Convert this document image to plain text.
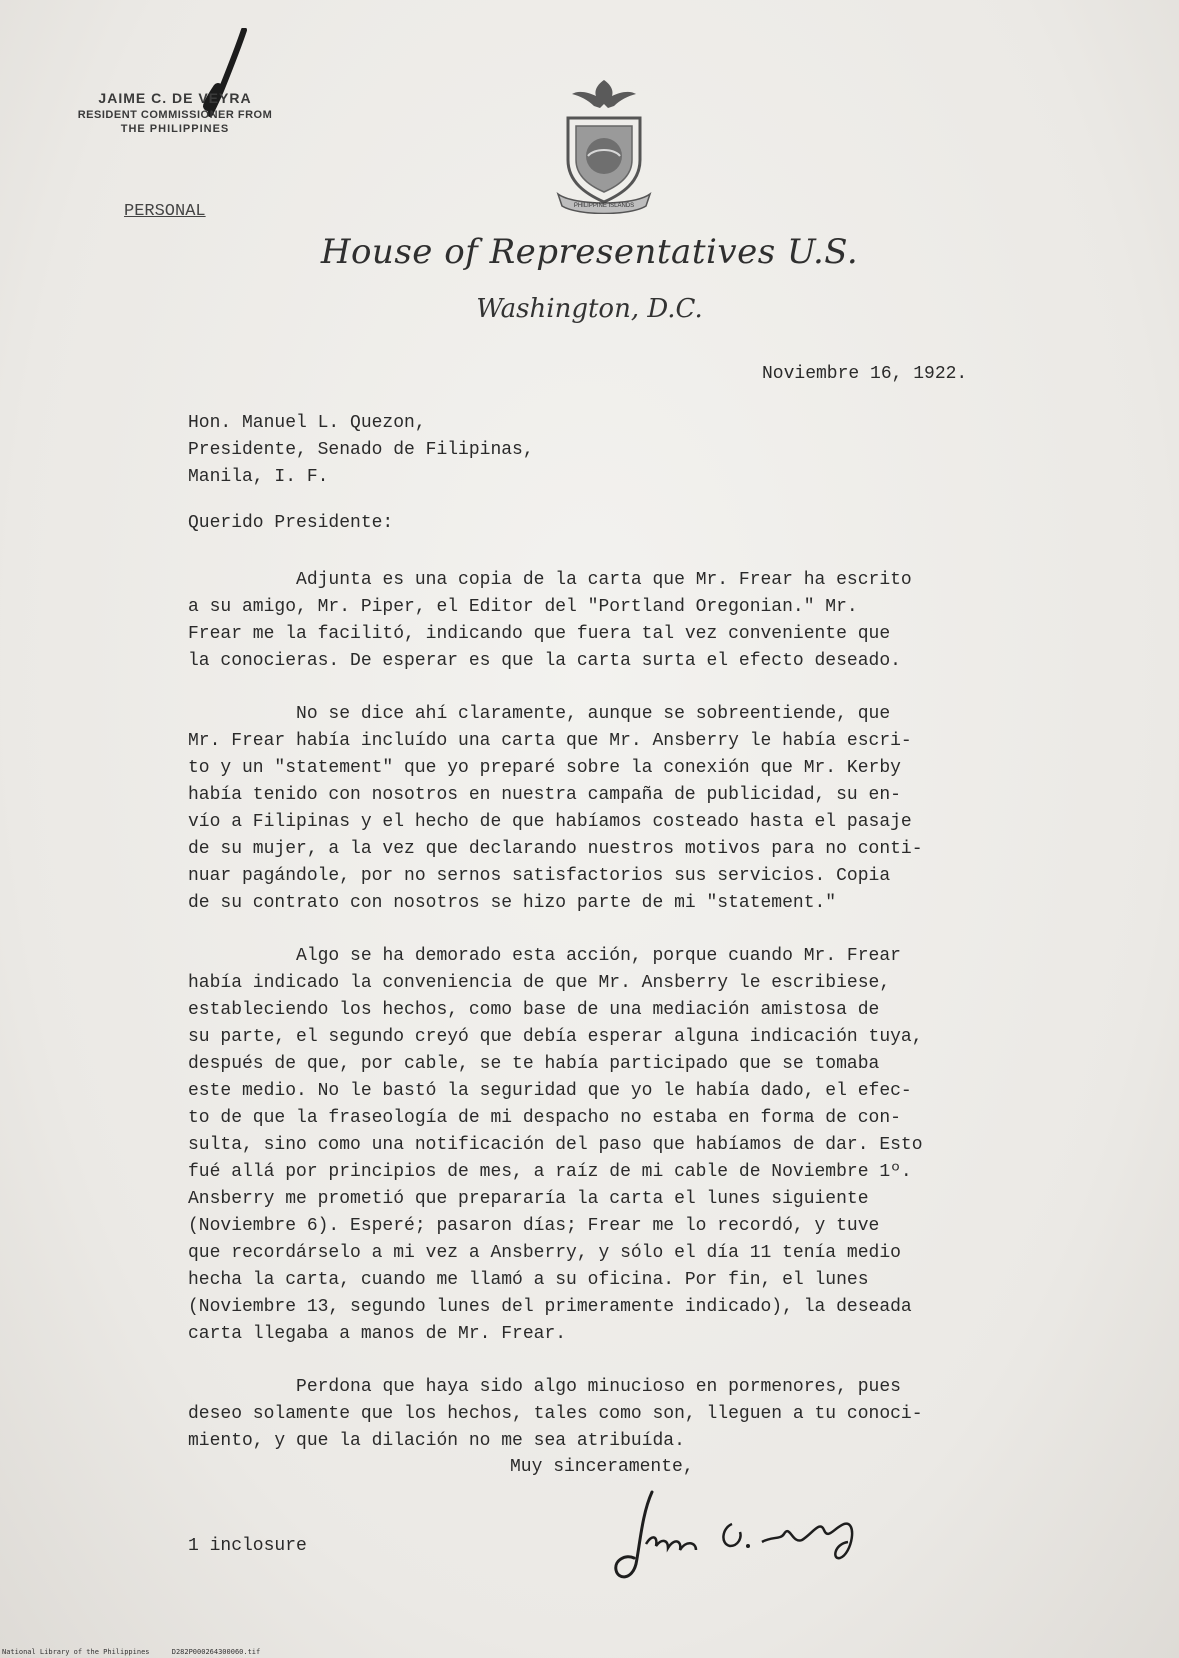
JAIME C. DE VEYRA
RESIDENT COMMISSIONER FROM
THE PHILIPPINES
PERSONAL	PHILIPPINE ISLANDS
House of Representatives U.S.
Washington, D.C.
Noviembre 16, 1922.
Hon. Manuel L. Quezon,
Presidente, Senado de Filipinas,
Manila, I. F.
Querido Presidente:

Adjunta es una copia de la carta que Mr. Frear ha escrito
a su amigo, Mr. Piper, el Editor del "Portland Oregonian." Mr.
Frear me la facilitó, indicando que fuera tal vez conveniente que
la conocieras. De esperar es que la carta surta el efecto deseado.

No se dice ahí claramente, aunque se sobreentiende, que
Mr. Frear había incluído una carta que Mr. Ansberry le había escri-
to y un "statement" que yo preparé sobre la conexión que Mr. Kerby
había tenido con nosotros en nuestra campaña de publicidad, su en-
vío a Filipinas y el hecho de que habíamos costeado hasta el pasaje
de su mujer, a la vez que declarando nuestros motivos para no conti-
nuar pagándole, por no sernos satisfactorios sus servicios. Copia
de su contrato con nosotros se hizo parte de mi "statement."

Algo se ha demorado esta acción, porque cuando Mr. Frear
había indicado la conveniencia de que Mr. Ansberry le escribiese,
estableciendo los hechos, como base de una mediación amistosa de
su parte, el segundo creyó que debía esperar alguna indicación tuya,
después de que, por cable, se te había participado que se tomaba
este medio. No le bastó la seguridad que yo le había dado, el efec-
to de que la fraseología de mi despacho no estaba en forma de con-
sulta, sino como una notificación del paso que habíamos de dar. Esto
fué allá por principios de mes, a raíz de mi cable de Noviembre 1º.
Ansberry me prometió que prepararía la carta el lunes siguiente
(Noviembre 6). Esperé; pasaron días; Frear me lo recordó, y tuve
que recordárselo a mi vez a Ansberry, y sólo el día 11 tenía medio
hecha la carta, cuando me llamó a su oficina. Por fin, el lunes
(Noviembre 13, segundo lunes del primeramente indicado), la deseada
carta llegaba a manos de Mr. Frear.

Perdona que haya sido algo minucioso en pormenores, pues
deseo solamente que los hechos, tales como son, lleguen a tu conoci-
miento, y que la dilación no me sea atribuída.

Muy sinceramente,
1 inclosure
National Library of the Philippines	D282P000264300060.tif
